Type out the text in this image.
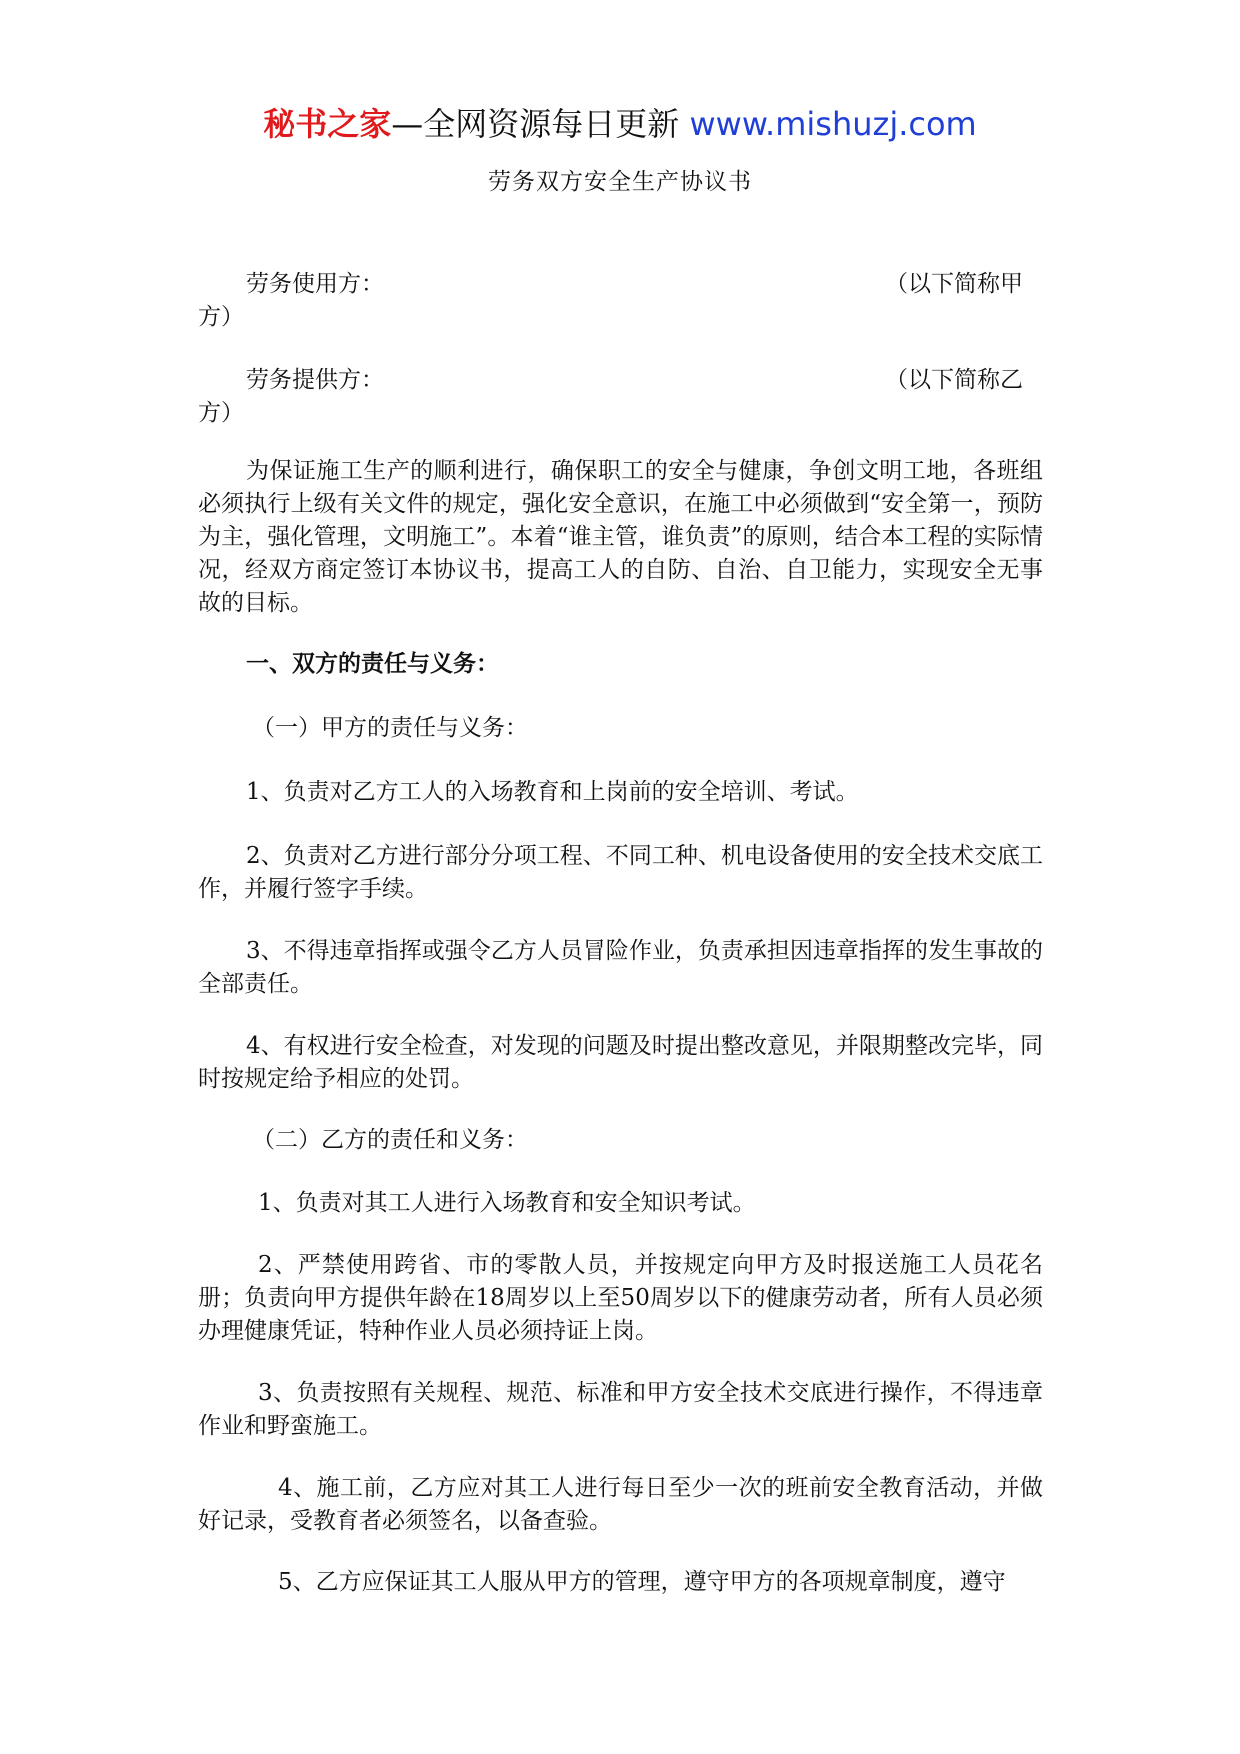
秘书之家—全网资源每日更新 www.mishuzj.com
劳务双方安全生产协议书
劳务使用方：	（以下简称甲
方）
劳务提供方：	（以下简称乙
方）

为保证施工生产的顺利进行，确保职工的安全与健康，争创文明工地，各班组必须执行上级有关文件的规定，强化安全意识，在施工中必须做到“安全第一，预防为主，强化管理，文明施工”。本着“谁主管，谁负责”的原则，结合本工程的实际情况，经双方商定签订本协议书，提高工人的自防、自治、自卫能力，实现安全无事故的目标。

一、双方的责任与义务：

（一）甲方的责任与义务：

1、负责对乙方工人的入场教育和上岗前的安全培训、考试。

2、负责对乙方进行部分分项工程、不同工种、机电设备使用的安全技术交底工作，并履行签字手续。

3、不得违章指挥或强令乙方人员冒险作业，负责承担因违章指挥的发生事故的全部责任。

4、有权进行安全检查，对发现的问题及时提出整改意见，并限期整改完毕，同时按规定给予相应的处罚。

（二）乙方的责任和义务：

1、负责对其工人进行入场教育和安全知识考试。

2、严禁使用跨省、市的零散人员，并按规定向甲方及时报送施工人员花名册；负责向甲方提供年龄在18周岁以上至50周岁以下的健康劳动者，所有人员必须办理健康凭证，特种作业人员必须持证上岗。

3、负责按照有关规程、规范、标准和甲方安全技术交底进行操作，不得违章作业和野蛮施工。

4、施工前，乙方应对其工人进行每日至少一次的班前安全教育活动，并做好记录，受教育者必须签名，以备查验。

5、乙方应保证其工人服从甲方的管理，遵守甲方的各项规章制度，遵守
